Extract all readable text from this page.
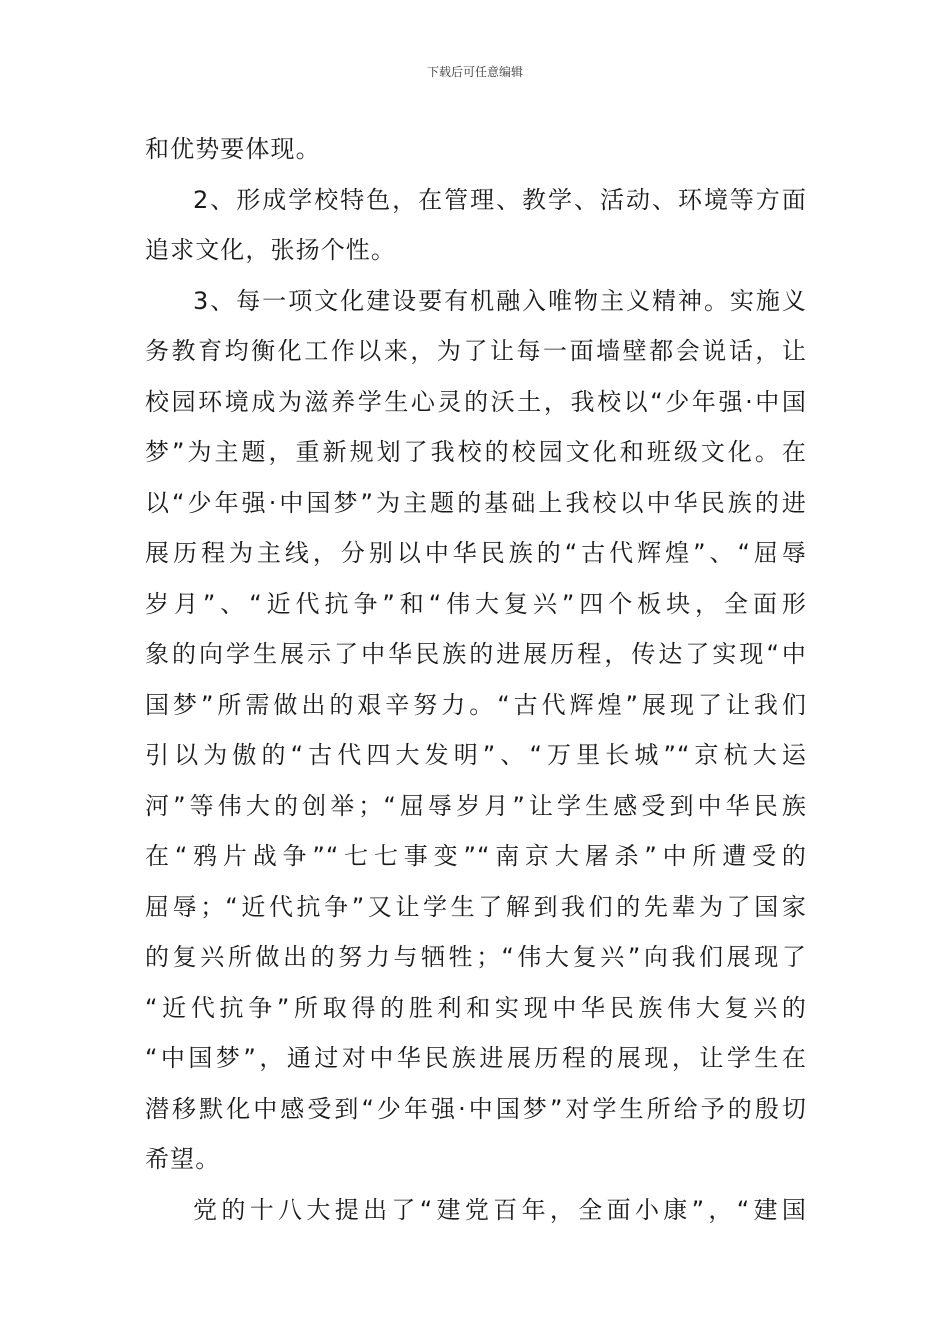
下载后可任意编辑
和优势要体现。
2、形成学校特色，在管理、教学、活动、环境等方面
追求文化，张扬个性。
3、每一项文化建设要有机融入唯物主义精神。实施义
务教育均衡化工作以来，为了让每一面墙壁都会说话，让
校园环境成为滋养学生心灵的沃土，我校以“少年强·中国
梦”为主题，重新规划了我校的校园文化和班级文化。在
以“少年强·中国梦”为主题的基础上我校以中华民族的进
展历程为主线，分别以中华民族的“古代辉煌”、“屈辱
岁月”、“近代抗争”和“伟大复兴”四个板块，全面形
象的向学生展示了中华民族的进展历程，传达了实现“中
国梦”所需做出的艰辛努力。“古代辉煌”展现了让我们
引以为傲的“古代四大发明”、“万里长城”“京杭大运
河”等伟大的创举；“屈辱岁月”让学生感受到中华民族
在“鸦片战争”“七七事变”“南京大屠杀”中所遭受的
屈辱；“近代抗争”又让学生了解到我们的先辈为了国家
的复兴所做出的努力与牺牲；“伟大复兴”向我们展现了
“近代抗争”所取得的胜利和实现中华民族伟大复兴的
“中国梦”，通过对中华民族进展历程的展现，让学生在
潜移默化中感受到“少年强·中国梦”对学生所给予的殷切
希望。
党的十八大提出了“建党百年，全面小康”，“建国
